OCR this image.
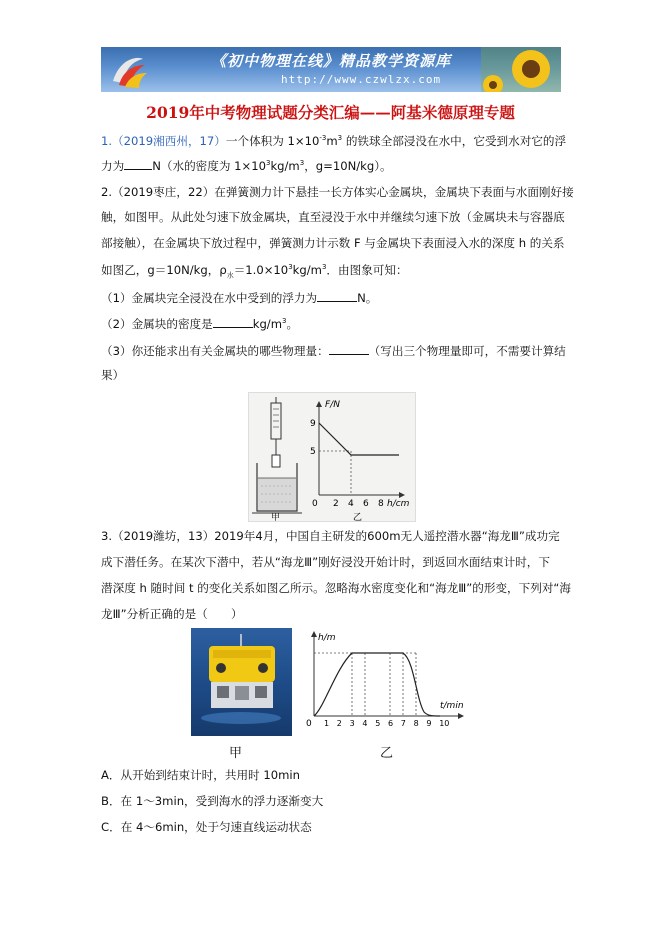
《初中物理在线》精品教学资源库
http://www.czwlzx.com
2019年中考物理试题分类汇编——阿基米德原理专题
1.（2019湘西州，17）一个体积为 $1\times 10^{-3}m^3$ 的铁球全部浸没在水中，它受到水对它的浮
力为 N（水的密度为 $1\times 10^3kg/m^3$，g=10N/kg）。
2.（2019枣庄，22）在弹簧测力计下悬挂一长方体实心金属块，金属块下表面与水面刚好接
触，如图甲。从此处匀速下放金属块，直至浸没于水中并继续匀速下放（金属块未与容器底
部接触），在金属块下放过程中，弹簧测力计示数 F 与金属块下表面浸入水的深度 h 的关系
如图乙，g＝10N/kg，$\rho_水=1.0\times 10^3kg/m^3$．由图象可知：
（1）金属块完全浸没在水中受到的浮力为	N。
（2）金属块的密度是	$kg/m^3$。
（3）你还能求出有关金属块的哪些物理量：	（写出三个物理量即可，不需要计算结
果）
F/N
9
5
0 2 4 6 8 h/cm
甲	乙
3.（2019潍坊，13）2019年4月，中国自主研发的600m无人遥控潜水器“海龙Ⅲ”成功完
成下潜任务。在某次下潜中，若从“海龙Ⅲ”刚好浸没开始计时，到返回水面结束计时，下
潜深度 h 随时间 t 的变化关系如图乙所示。忽略海水密度变化和“海龙Ⅲ”的形变，下列对“海
龙Ⅲ”分析正确的是（　　）
甲
h/m
t/min
0 1 2 3 4 5 6 7 8 9 10
乙
A．从开始到结束计时，共用时 10min
B．在 1～3min，受到海水的浮力逐渐变大
C．在 4～6min，处于匀速直线运动状态
